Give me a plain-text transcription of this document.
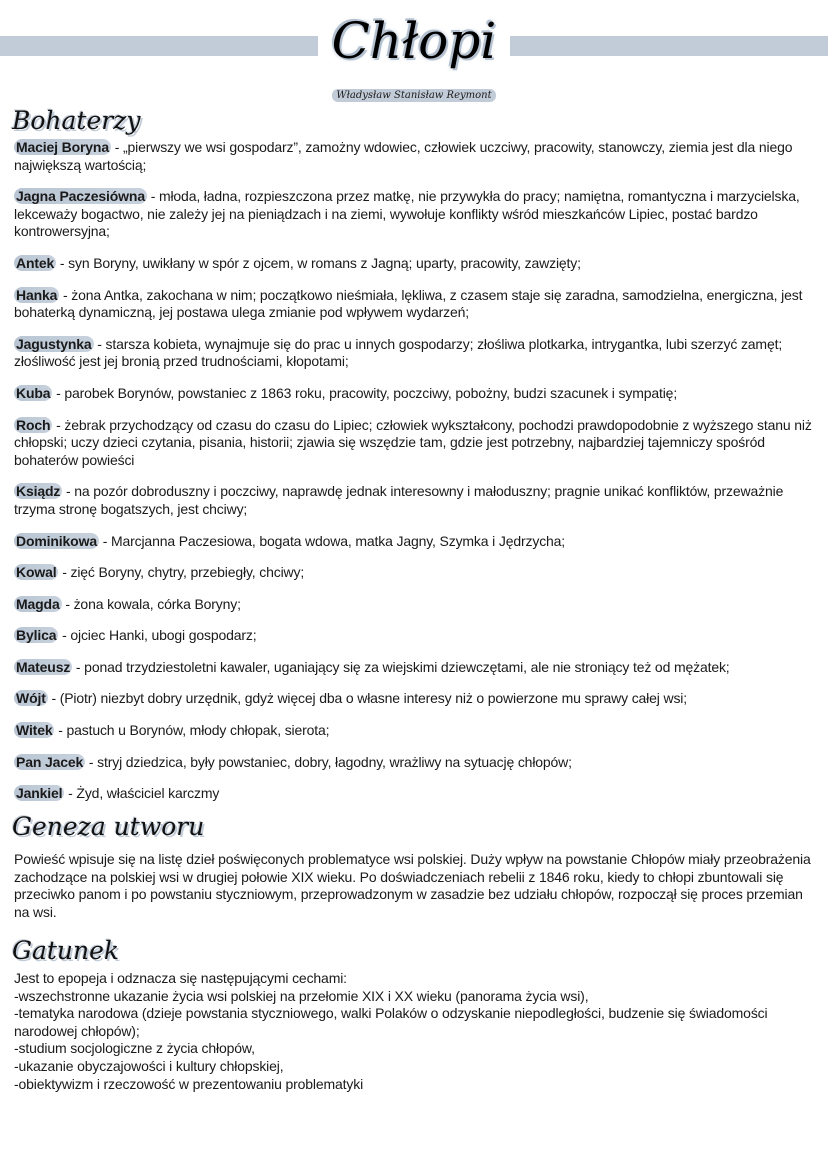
Chłopi
Władysław Stanisław Reymont
Bohaterzy
Maciej Boryna - „pierwszy we wsi gospodarz”, zamożny wdowiec, człowiek uczciwy, pracowity, stanowczy, ziemia jest dla niego największą wartością;
Jagna Paczesiówna - młoda, ładna, rozpieszczona przez matkę, nie przywykła do pracy; namiętna, romantyczna i marzycielska, lekceważy bogactwo, nie zależy jej na pieniądzach i na ziemi, wywołuje konflikty wśród mieszkańców Lipiec, postać bardzo kontrowersyjna;
Antek - syn Boryny, uwikłany w spór z ojcem, w romans z Jagną; uparty, pracowity, zawzięty;
Hanka - żona Antka, zakochana w nim; początkowo nieśmiała, lękliwa, z czasem staje się zaradna, samodzielna, energiczna, jest bohaterką dynamiczną, jej postawa ulega zmianie pod wpływem wydarzeń;
Jagustynka - starsza kobieta, wynajmuje się do prac u innych gospodarzy; złośliwa plotkarka, intrygantka, lubi szerzyć zamęt; złośliwość jest jej bronią przed trudnościami, kłopotami;
Kuba - parobek Borynów, powstaniec z 1863 roku, pracowity, poczciwy, pobożny, budzi szacunek i sympatię;
Roch - żebrak przychodzący od czasu do czasu do Lipiec; człowiek wykształcony, pochodzi prawdopodobnie z wyższego stanu niż chłopski; uczy dzieci czytania, pisania, historii; zjawia się wszędzie tam, gdzie jest potrzebny, najbardziej tajemniczy spośród bohaterów powieści
Ksiądz - na pozór dobroduszny i poczciwy, naprawdę jednak interesowny i małoduszny; pragnie unikać konfliktów, przeważnie trzyma stronę bogatszych, jest chciwy;
Dominikowa - Marcjanna Paczesiowa, bogata wdowa, matka Jagny, Szymka i Jędrzycha;
Kowal - zięć Boryny, chytry, przebiegły, chciwy;
Magda - żona kowala, córka Boryny;
Bylica - ojciec Hanki, ubogi gospodarz;
Mateusz - ponad trzydziestoletni kawaler, uganiający się za wiejskimi dziewczętami, ale nie stroniący też od mężatek;
Wójt - (Piotr) niezbyt dobry urzędnik, gdyż więcej dba o własne interesy niż o powierzone mu sprawy całej wsi;
Witek - pastuch u Borynów, młody chłopak, sierota;
Pan Jacek - stryj dziedzica, były powstaniec, dobry, łagodny, wrażliwy na sytuację chłopów;
Jankiel - Żyd, właściciel karczmy
Geneza utworu
Powieść wpisuje się na listę dzieł poświęconych problematyce wsi polskiej. Duży wpływ na powstanie Chłopów miały przeobrażenia zachodzące na polskiej wsi w drugiej połowie XIX wieku. Po doświadczeniach rebelii z 1846 roku, kiedy to chłopi zbuntowali się przeciwko panom i po powstaniu styczniowym, przeprowadzonym w zasadzie bez udziału chłopów, rozpoczął się proces przemian na wsi.
Gatunek
Jest to epopeja i odznacza się następującymi cechami:
-wszechstronne ukazanie życia wsi polskiej na przełomie XIX i XX wieku (panorama życia wsi),
-tematyka narodowa (dzieje powstania styczniowego, walki Polaków o odzyskanie niepodległości, budzenie się świadomości narodowej chłopów);
-studium socjologiczne z życia chłopów,
-ukazanie obyczajowości i kultury chłopskiej,
-obiektywizm i rzeczowość w prezentowaniu problematyki
